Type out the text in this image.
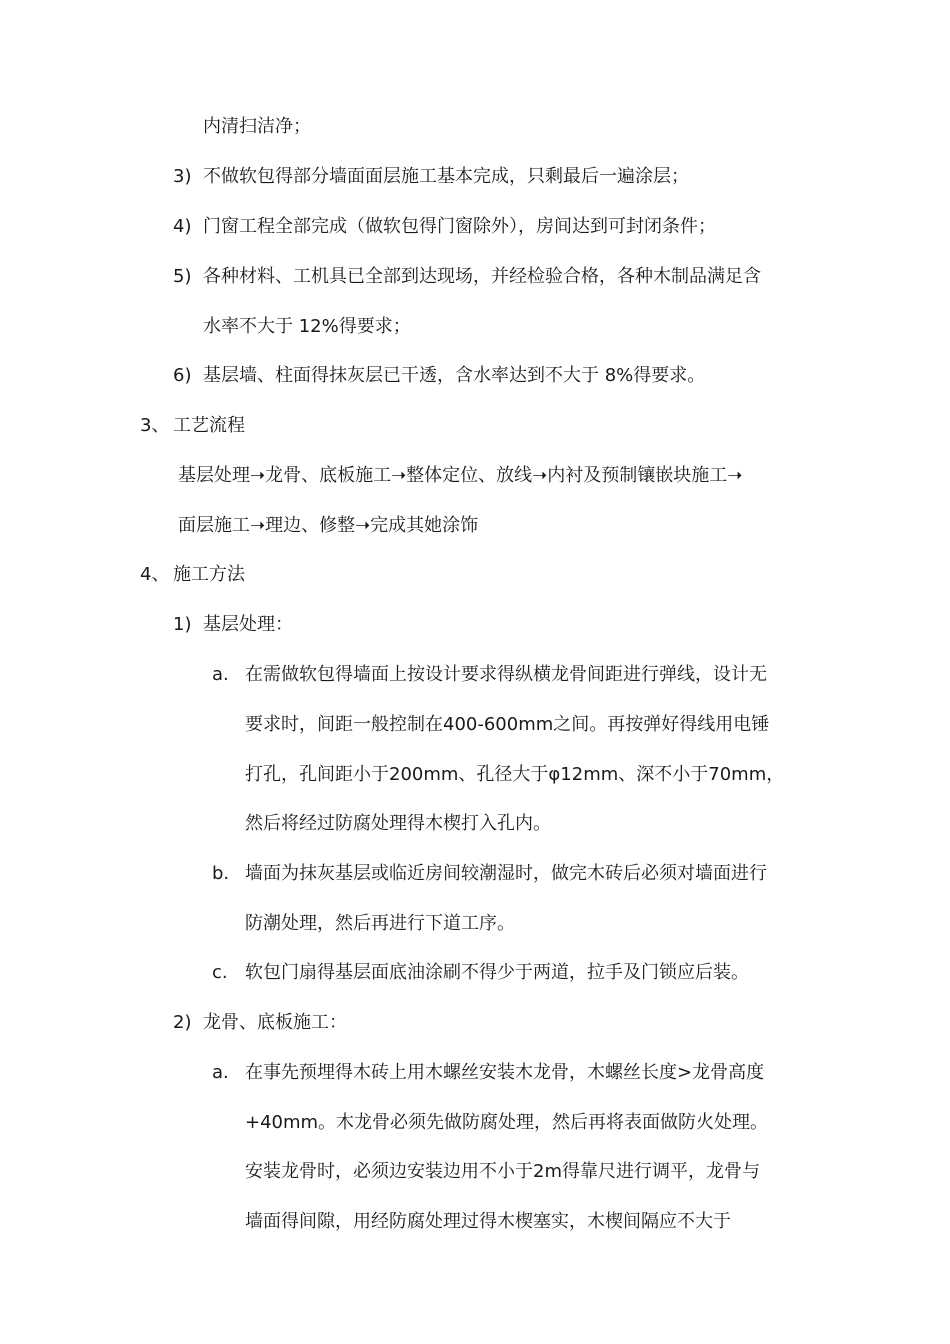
内清扫洁净；
3) 不做软包得部分墙面面层施工基本完成，只剩最后一遍涂层；
4) 门窗工程全部完成（做软包得门窗除外），房间达到可封闭条件；
5) 各种材料、工机具已全部到达现场，并经检验合格，各种木制品满足含
水率不大于 12%得要求；
6) 基层墙、柱面得抹灰层已干透，含水率达到不大于 8%得要求。
3、 工艺流程
基层处理➝龙骨、底板施工➝整体定位、放线➝内衬及预制镶嵌块施工➝
面层施工➝理边、修整➝完成其她涂饰
4、 施工方法
1) 基层处理：
a. 在需做软包得墙面上按设计要求得纵横龙骨间距进行弹线，设计无
要求时，间距一般控制在400-600mm之间。再按弹好得线用电锤
打孔，孔间距小于200mm、孔径大于φ12mm、深不小于70mm，
然后将经过防腐处理得木楔打入孔内。
b. 墙面为抹灰基层或临近房间较潮湿时，做完木砖后必须对墙面进行
防潮处理，然后再进行下道工序。
c. 软包门扇得基层面底油涂刷不得少于两道，拉手及门锁应后装。
2) 龙骨、底板施工：
a. 在事先预埋得木砖上用木螺丝安装木龙骨，木螺丝长度>龙骨高度
+40mm。木龙骨必须先做防腐处理，然后再将表面做防火处理。
安装龙骨时，必须边安装边用不小于2m得靠尺进行调平，龙骨与
墙面得间隙，用经防腐处理过得木楔塞实，木楔间隔应不大于
